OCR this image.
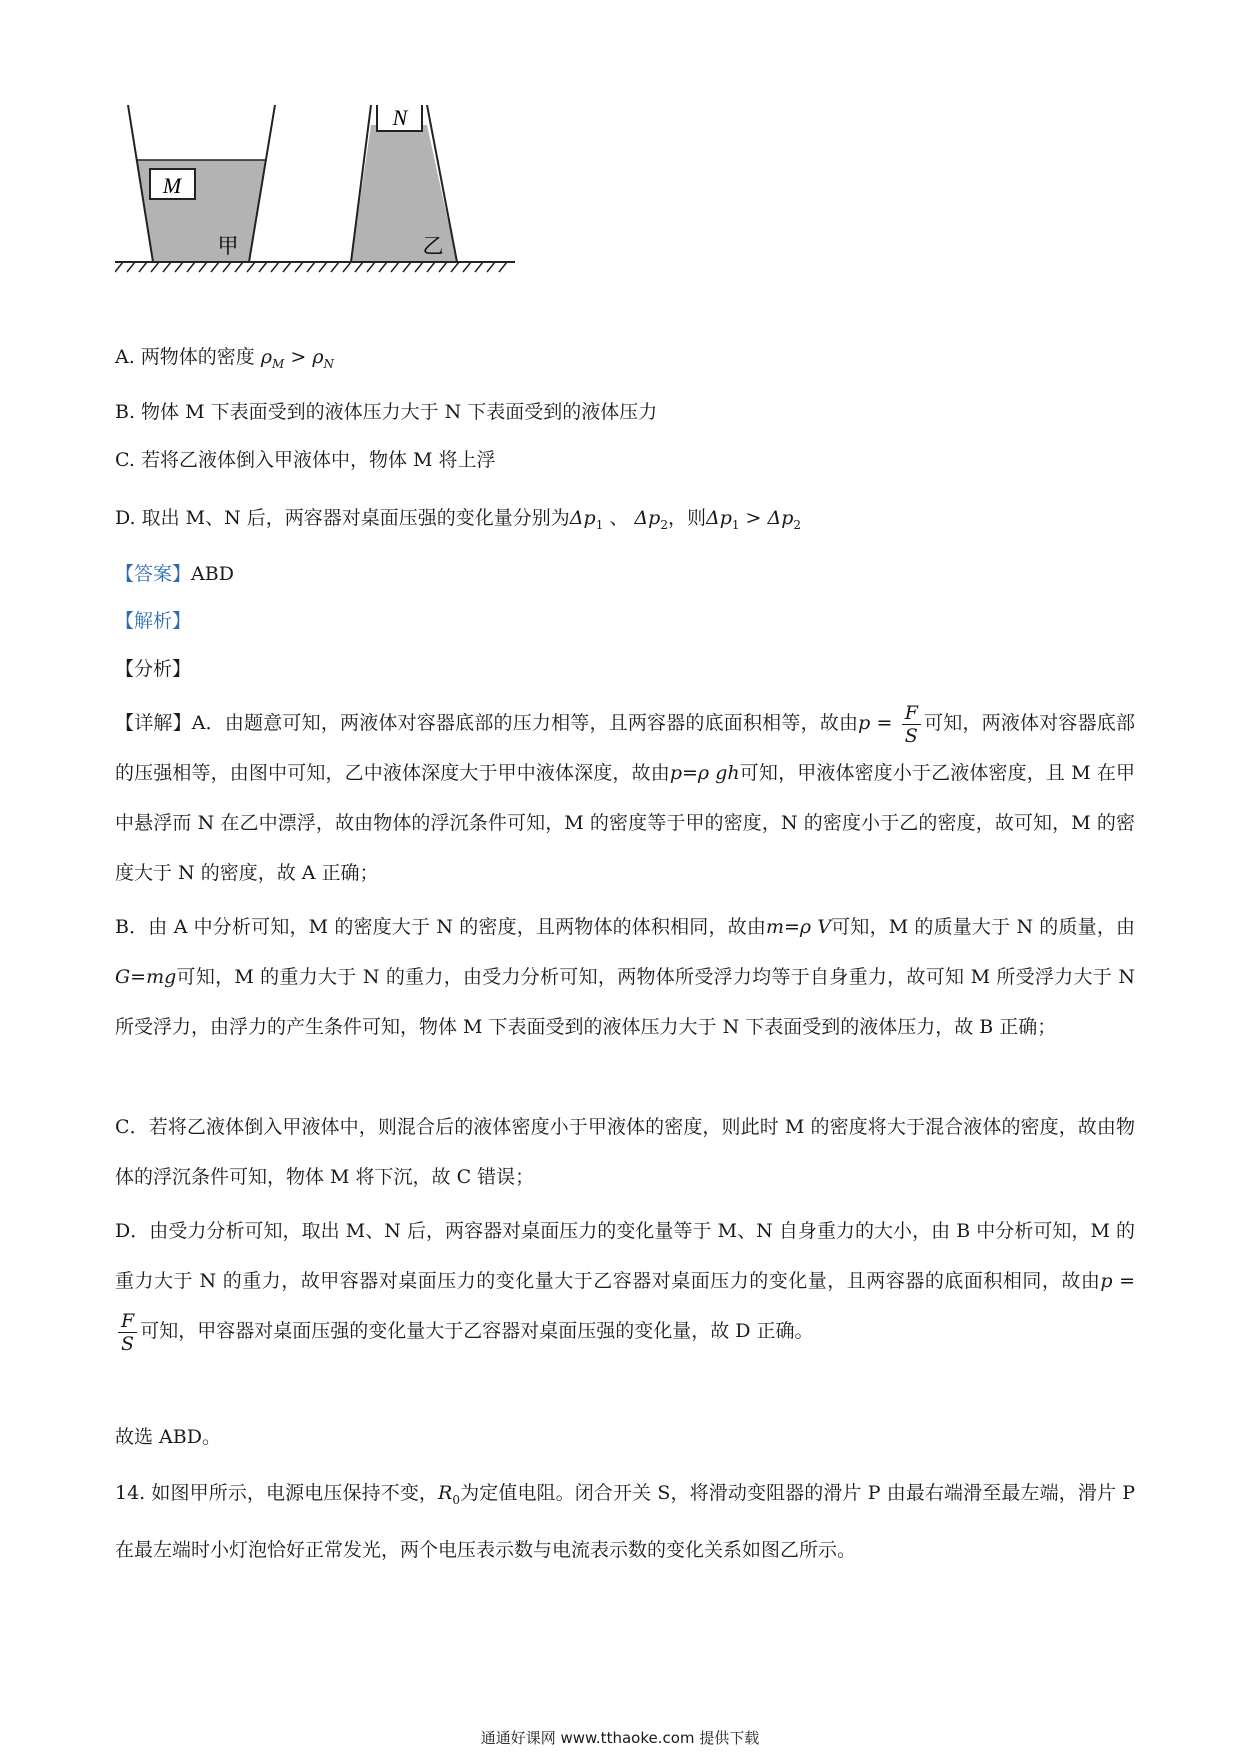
M
甲
N
乙
A. 两物体的密度 $\rho_M > \rho_N$
B. 物体 M 下表面受到的液体压力大于 N 下表面受到的液体压力
C. 若将乙液体倒入甲液体中，物体 M 将上浮
D. 取出 M、N 后，两容器对桌面压强的变化量分别为$\Delta p_1$ 、 $\Delta p_2$，则$\Delta p_1 > \Delta p_2$
【答案】ABD
【解析】
【分析】
【详解】A．由题意可知，两液体对容器底部的压力相等，且两容器的底面积相等，故由$p = \frac{F}{S}$ 可知，两液体对容器底部的压强相等，由图中可知，乙中液体深度大于甲中液体深度，故由p=ρ gh可知，甲液体密度小于乙液体密度，且 M 在甲中悬浮而 N 在乙中漂浮，故由物体的浮沉条件可知，M 的密度等于甲的密度，N 的密度小于乙的密度，故可知，M 的密度大于 N 的密度，故 A 正确；
B．由 A 中分析可知，M 的密度大于 N 的密度，且两物体的体积相同，故由m=ρ V可知，M 的质量大于 N 的质量，由G=mg可知，M 的重力大于 N 的重力，由受力分析可知，两物体所受浮力均等于自身重力，故可知 M 所受浮力大于 N 所受浮力，由浮力的产生条件可知，物体 M 下表面受到的液体压力大于 N 下表面受到的液体压力，故 B 正确；
C．若将乙液体倒入甲液体中，则混合后的液体密度小于甲液体的密度，则此时 M 的密度将大于混合液体的密度，故由物体的浮沉条件可知，物体 M 将下沉，故 C 错误；
D．由受力分析可知，取出 M、N 后，两容器对桌面压力的变化量等于 M、N 自身重力的大小，由 B 中分析可知，M 的重力大于 N 的重力，故甲容器对桌面压力的变化量大于乙容器对桌面压力的变化量，且两容器的底面积相同，故由p =
$\frac{F}{S}$ 可知，甲容器对桌面压强的变化量大于乙容器对桌面压强的变化量，故 D 正确。
故选 ABD。
14. 如图甲所示，电源电压保持不变，$R_0$为定值电阻。闭合开关 S，将滑动变阻器的滑片 P 由最右端滑至最左端，滑片 P 在最左端时小灯泡恰好正常发光，两个电压表示数与电流表示数的变化关系如图乙所示。
通通好课网 www.tthaoke.com 提供下载
